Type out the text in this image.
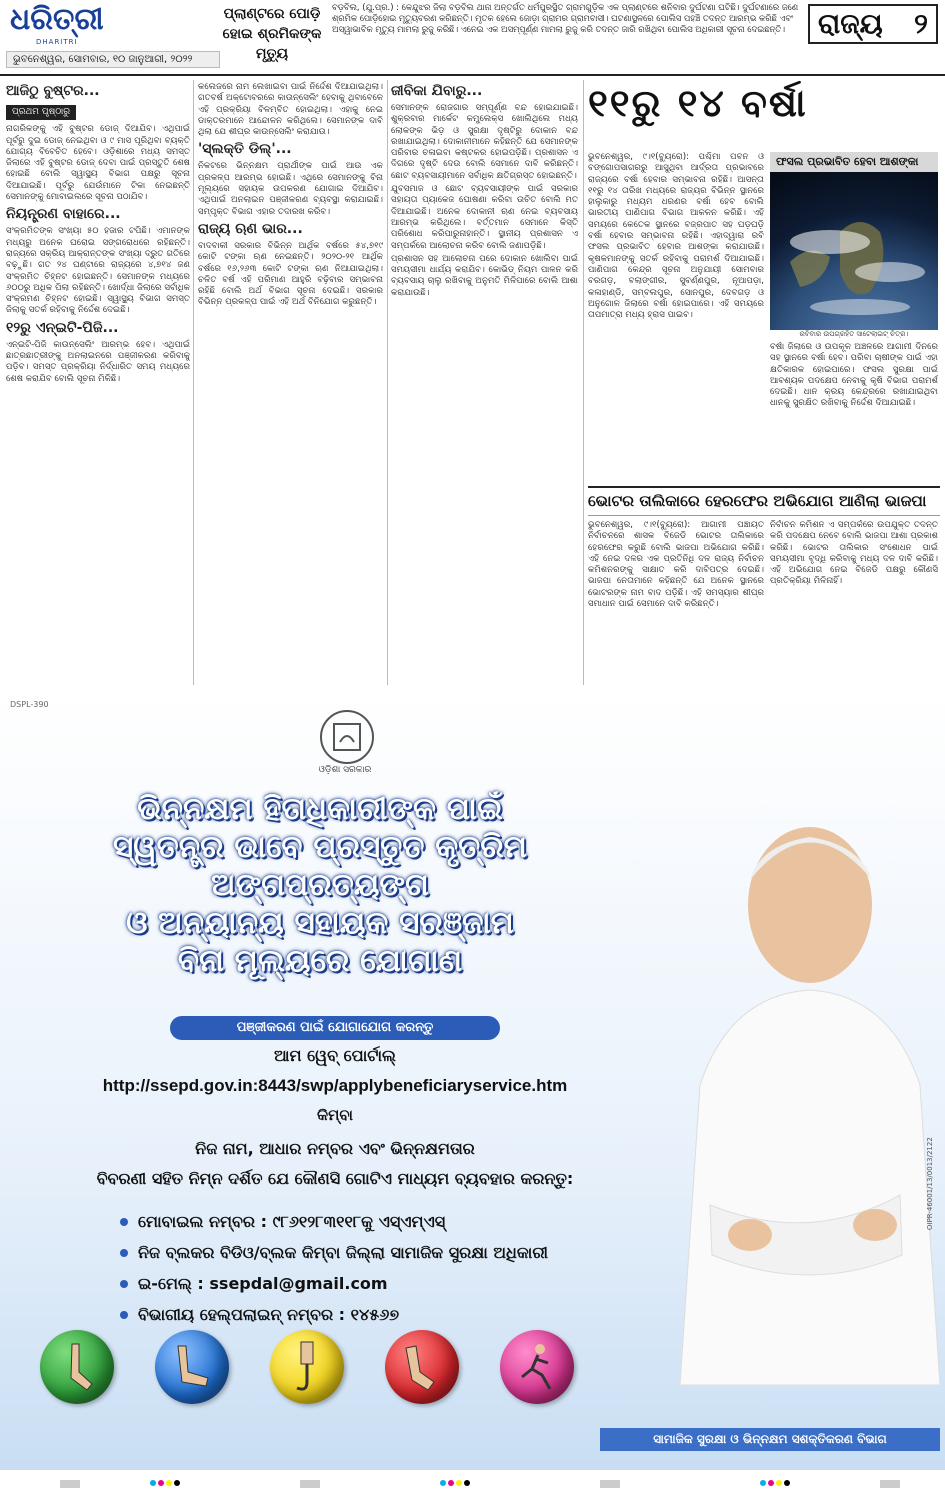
ଧରିତ୍ରୀ
DHARITRI
ଭୁବନେଶ୍ୱର, ସୋମବାର, ୧୦ ଜାନୁଆରୀ, ୨୦୨୨
ପ୍ଲାଣ୍ଟରେ ପୋଡ଼ି ହୋଇ ଶ୍ରମିକଙ୍କ ମୃତ୍ୟୁ
ବଡ଼ବିଲ, (ଯୁ.ପ୍ର.) : କେନ୍ଦୁଝର ଜିଲା ବଡ଼ବିଲ ଥାନା ଅନ୍ତର୍ଗତ ଧର୍ମପୁରସ୍ଥିତ ଗ୍ରାମଗୁଡ଼ିକ ଏକ ପ୍ଲାଣ୍ଟରେ ଶନିବାର ଦୁର୍ଘଟଣା ଘଟିଛି। ଦୁର୍ଘଟଣାରେ ଜଣେ ଶ୍ରମିକ ପୋଡ଼ିହୋଇ ମୃତ୍ୟୁବରଣ କରିଛନ୍ତି। ମୃତକ ହେଲେ ଜୋଡ଼ା ଗ୍ରାମର ଗ୍ରାମବାସୀ। ଘଟଣାସ୍ଥଳରେ ପୋଲିସ ପହଞ୍ଚି ତଦନ୍ତ ଆରମ୍ଭ କରିଛି ଏବଂ ଅସ୍ୱାଭାବିକ ମୃତ୍ୟୁ ମାମଲା ରୁଜୁ କରିଛି। ଏନେଇ ଏକ ଅସମ୍ପୂର୍ଣ୍ଣ ମାମଲା ରୁଜୁ କରି ତଦନ୍ତ ଜାରି ରଖିଥିବା ପୋଲିସ ଅଧିକାରୀ ସୂଚନା ଦେଇଛନ୍ତି।	ରାଜ୍ୟ ୨
ଆଜିଠୁ ବୁଷ୍ଟର...
ପ୍ରଥମ ପୃଷ୍ଠାରୁ

ନାଗରିକଙ୍କୁ ଏହି ବୁଷ୍ଟର ଡୋଜ୍ ଦିଆଯିବ। ଏଥିପାଇଁ ପୂର୍ବରୁ ଦୁଇ ଡୋଜ୍ ନେଇଥିବା ଓ ୯ ମାସ ପୂରିଥିବା ବ୍ୟକ୍ତି ଯୋଗ୍ୟ ବିବେଚିତ ହେବେ। ଓଡ଼ିଶାରେ ମଧ୍ୟ ସମସ୍ତ ଜିଲାରେ ଏହି ବୁଷ୍ଟର ଡୋଜ୍ ଦେବା ପାଇଁ ପ୍ରସ୍ତୁତି ଶେଷ ହୋଇଛି ବୋଲି ସ୍ୱାସ୍ଥ୍ୟ ବିଭାଗ ପକ୍ଷରୁ ସୂଚନା ଦିଆଯାଇଛି। ପୂର୍ବରୁ ଯେଉଁମାନେ ଟିକା ନେଇଛନ୍ତି ସେମାନଙ୍କୁ ମୋବାଇଲରେ ସୂଚନା ପଠାଯିବ।

ନିୟନ୍ତ୍ରଣ ବାହାରେ...

ସଂକ୍ରମିତଙ୍କ ସଂଖ୍ୟା ୫୦ ହଜାର ଟପିଛି। ଏମାନଙ୍କ ମଧ୍ୟରୁ ଅନେକ ଘରୋଇ ସଙ୍ଗରୋଧରେ ରହିଛନ୍ତି। ରାଜ୍ୟରେ ସକ୍ରିୟ ଆକ୍ରାନ୍ତଙ୍କ ସଂଖ୍ୟା ଦ୍ରୁତ ଗତିରେ ବଢ଼ୁଛି। ଗତ ୨୪ ଘଣ୍ଟାରେ ରାଜ୍ୟରେ ୪,୭୧୪ ଜଣ ସଂକ୍ରମିତ ଚିହ୍ନଟ ହୋଇଛନ୍ତି। ସେମାନଙ୍କ ମଧ୍ୟରେ ୬୦୦ରୁ ଅଧିକ ପିଲା ରହିଛନ୍ତି। ଖୋର୍ଦ୍ଧା ଜିଲାରେ ସର୍ବାଧିକ ସଂକ୍ରମଣ ଚିହ୍ନଟ ହୋଇଛି। ସ୍ୱାସ୍ଥ୍ୟ ବିଭାଗ ସମସ୍ତ ଜିଲାକୁ ସତର୍କ ରହିବାକୁ ନିର୍ଦ୍ଦେଶ ଦେଇଛି।

୧୨ରୁ ଏନ୍‌ଇଟି-ପିଜି...

ଏନ୍‌ଇଟି-ପିଜି କାଉନ୍‌ସେଲିଂ ଆରମ୍ଭ ହେବ। ଏଥିପାଇଁ ଛାତ୍ରଛାତ୍ରୀଙ୍କୁ ଅନଲାଇନରେ ପଞ୍ଜୀକରଣ କରିବାକୁ ପଡ଼ିବ। ସମସ୍ତ ପ୍ରକ୍ରିୟା ନିର୍ଦ୍ଧାରିତ ସମୟ ମଧ୍ୟରେ ଶେଷ କରାଯିବ ବୋଲି ସୂଚନା ମିଳିଛି।

କଲେଜରେ ନାମ ଲେଖାଇବା ପାଇଁ ନିର୍ଦ୍ଦେଶ ଦିଆଯାଇଥିଲା। ଗତବର୍ଷ ଅକ୍ଟୋବରରେ କାଉନ୍‌ସେଲିଂ ହେବାକୁ ଥିବାବେଳେ ଏହି ପ୍ରକ୍ରିୟା ବିଳମ୍ବିତ ହୋଇଥିଲା। ଏହାକୁ ନେଇ ଡାକ୍ତରମାନେ ଆନ୍ଦୋଳନ କରିଥିଲେ। ସେମାନଙ୍କ ଦାବି ଥିଲା ଯେ ଶୀଘ୍ର କାଉନ୍‌ସେଲିଂ କରାଯାଉ।

'ସ୍ଲକ୍ତି ଡିଲ୍'...

ନିକଟରେ ଭିନ୍ନକ୍ଷମ ପ୍ରାର୍ଥୀଙ୍କ ପାଇଁ ଆଉ ଏକ ପ୍ରକଳ୍ପ ଆରମ୍ଭ ହୋଇଛି। ଏଥିରେ ସେମାନଙ୍କୁ ବିନା ମୂଲ୍ୟରେ ସହାୟକ ଉପକରଣ ଯୋଗାଇ ଦିଆଯିବ। ଏଥିପାଇଁ ଅନଲାଇନ ପଞ୍ଜୀକରଣ ବ୍ୟବସ୍ଥା କରାଯାଇଛି। ସମ୍ପୃକ୍ତ ବିଭାଗ ଏହାର ତଦାରଖ କରିବ।

ରାଜ୍ୟ ଋଣ ଭାର...

ବାଦବାକୀ ସରକାର ବିଭିନ୍ନ ଆର୍ଥିକ ବର୍ଷରେ ୫୪,୭୧୯ କୋଟି ଟଙ୍କା ଋଣ ନେଇଛନ୍ତି। ୨୦୨୦-୨୧ ଆର୍ଥିକ ବର୍ଷରେ ୧୬,୨୬୩ କୋଟି ଟଙ୍କା ଋଣ ନିଆଯାଇଥିଲା। ଚଳିତ ବର୍ଷ ଏହି ପରିମାଣ ଆହୁରି ବଢ଼ିବାର ସମ୍ଭାବନା ରହିଛି ବୋଲି ଅର୍ଥ ବିଭାଗ ସୂଚନା ଦେଇଛି। ସରକାର ବିଭିନ୍ନ ପ୍ରକଳ୍ପ ପାଇଁ ଏହି ଅର୍ଥ ବିନିଯୋଗ କରୁଛନ୍ତି।

ଜୀବିକା ଯିବାରୁ...

ସେମାନଙ୍କ ରୋଜଗାର ସମ୍ପୂର୍ଣ୍ଣ ବନ୍ଦ ହୋଇଯାଇଛି। ଶୁକ୍ରବାର ମାର୍କେଟ କମ୍ପ୍ଲେକ୍ସ ଖୋଲିଥିଲେ ମଧ୍ୟ ଲୋକଙ୍କ ଭିଡ଼ ଓ ସୁରକ୍ଷା ଦୃଷ୍ଟିରୁ ଦୋକାନ ବନ୍ଦ ରଖାଯାଇଥିଲା। ଦୋକାନୀମାନେ କହିଛନ୍ତି ଯେ ସେମାନଙ୍କ ପରିବାର ଚଳାଇବା କଷ୍ଟକର ହୋଇପଡ଼ିଛି। ପ୍ରଶାସନ ଏ ଦିଗରେ ଦୃଷ୍ଟି ଦେଉ ବୋଲି ସେମାନେ ଦାବି କରିଛନ୍ତି। ଛୋଟ ବ୍ୟବସାୟୀମାନେ ସର୍ବାଧିକ କ୍ଷତିଗ୍ରସ୍ତ ହୋଇଛନ୍ତି।

ଯୁବସମାଜ ଓ ଛୋଟ ବ୍ୟବସାୟୀଙ୍କ ପାଇଁ ସରକାର ସହାୟତା ପ୍ୟାକେଜ ଘୋଷଣା କରିବା ଉଚିତ ବୋଲି ମତ ଦିଆଯାଇଛି। ଅନେକ ଦୋକାନୀ ଋଣ ନେଇ ବ୍ୟବସାୟ ଆରମ୍ଭ କରିଥିଲେ। ବର୍ତ୍ତମାନ ସେମାନେ କିସ୍ତି ପରିଶୋଧ କରିପାରୁନାହାନ୍ତି। ସ୍ଥାନୀୟ ପ୍ରଶାସନ ଏ ସମ୍ପର୍କରେ ଆଲୋଚନା କରିବ ବୋଲି ଜଣାପଡ଼ିଛି।

ପ୍ରଶାସନ ସହ ଆଲୋଚନା ପରେ ଦୋକାନ ଖୋଲିବା ପାଇଁ ସମୟସୀମା ଧାର୍ଯ୍ୟ କରାଯିବ। କୋଭିଡ୍ ନିୟମ ପାଳନ କରି ବ୍ୟବସାୟ ଚାଲୁ ରଖିବାକୁ ଅନୁମତି ମିଳିପାରେ ବୋଲି ଆଶା କରାଯାଉଛି।

୧୧ରୁ ୧୪ ବର୍ଷା
ଭୁବନେଶ୍ୱର, ୯।୧(ବ୍ୟୁରୋ): ପଶ୍ଚିମା ପବନ ଓ ବଙ୍ଗୋପସାଗରରୁ ଆସୁଥିବା ଆର୍ଦ୍ରତା ପ୍ରଭାବରେ ରାଜ୍ୟରେ ବର୍ଷା ହେବାର ସମ୍ଭାବନା ରହିଛି। ଆସନ୍ତା ୧୧ରୁ ୧୪ ତାରିଖ ମଧ୍ୟରେ ରାଜ୍ୟର ବିଭିନ୍ନ ସ୍ଥାନରେ ହାଲୁକାରୁ ମଧ୍ୟମ ଧରଣର ବର୍ଷା ହେବ ବୋଲି ଭାରତୀୟ ପାଣିପାଗ ବିଭାଗ ଆକଳନ କରିଛି। ଏହି ସମୟରେ କେତେକ ସ୍ଥାନରେ ବଜ୍ରପାତ ସହ ଘଡ଼ଘଡ଼ି ବର୍ଷା ହେବାର ସମ୍ଭାବନା ରହିଛି। ଏହାଦ୍ୱାରା ରବି ଫସଲ ପ୍ରଭାବିତ ହେବାର ଆଶଙ୍କା କରାଯାଉଛି। କୃଷକମାନଙ୍କୁ ସତର୍କ ରହିବାକୁ ପରାମର୍ଶ ଦିଆଯାଇଛି। ପାଣିପାଗ କେନ୍ଦ୍ର ସୂଚନା ଅନୁଯାୟୀ ସୋମବାର ବରଗଡ଼, ବଲାଙ୍ଗୀର, ସୁବର୍ଣ୍ଣପୁର, ନୂଆପଡ଼ା, କଳାହାଣ୍ଡି, ସମ୍ବଲପୁର, ସୋନପୁର, ଦେବଗଡ଼ ଓ ଅନୁଗୋଳ ଜିଲାରେ ବର୍ଷା ହୋଇପାରେ। ଏହି ସମୟରେ ତାପମାତ୍ରା ମଧ୍ୟ ହ୍ରାସ ପାଇବ।
ଫସଲ ପ୍ରଭାବିତ ହେବା ଆଶଙ୍କା
ରବିବାର ଉପଗ୍ରହିତ ସାଟେଲାଇଟ୍ ଚିତ୍ର।
ବର୍ଷା ଜିଲାରେ ଓ ଉପକୂଳ ଅଞ୍ଚଳରେ ଆଗାମୀ ଦିନରେ ସହ ସ୍ଥାନରେ ବର୍ଷା ହେବ। ପରିବା ଚାଷୀଙ୍କ ପାଇଁ ଏହା କ୍ଷତିକାରକ ହୋଇପାରେ। ଫସଲ ସୁରକ୍ଷା ପାଇଁ ଆବଶ୍ୟକ ପଦକ୍ଷେପ ନେବାକୁ କୃଷି ବିଭାଗ ପରାମର୍ଶ ଦେଇଛି। ଧାନ କ୍ରୟ କେନ୍ଦ୍ରରେ ରଖାଯାଇଥିବା ଧାନକୁ ସୁରକ୍ଷିତ ରଖିବାକୁ ନିର୍ଦ୍ଦେଶ ଦିଆଯାଇଛି।
ଭୋଟର ତାଲିକାରେ ହେରଫେର ଅଭିଯୋଗ ଆଣିଲା ଭାଜପା
ଭୁବନେଶ୍ୱର, ୯।୧(ବ୍ୟୁରୋ): ଆଗାମୀ ପଞ୍ଚାୟତ ନିର୍ବାଚନରେ ଶାସକ ବିଜେଡି ଭୋଟର ତାଲିକାରେ ହେରଫେର କରୁଛି ବୋଲି ଭାଜପା ଅଭିଯୋଗ କରିଛି। ଏହି ନେଇ ଦଳର ଏକ ପ୍ରତିନିଧି ଦଳ ରାଜ୍ୟ ନିର୍ବାଚନ କମିଶନରଙ୍କୁ ସାକ୍ଷାତ କରି ଦାବିପତ୍ର ଦେଇଛି। ଭାଜପା ନେତାମାନେ କହିଛନ୍ତି ଯେ ଅନେକ ସ୍ଥାନରେ ଭୋଟରଙ୍କ ନାମ ବାଦ ପଡ଼ିଛି। ଏହି ସମସ୍ୟାର ଶୀଘ୍ର ସମାଧାନ ପାଇଁ ସେମାନେ ଦାବି କରିଛନ୍ତି।
ନିର୍ବାଚନ କମିଶନ ଏ ସମ୍ପର୍କରେ ଉପଯୁକ୍ତ ତଦନ୍ତ କରି ପଦକ୍ଷେପ ନେବେ ବୋଲି ଭାଜପା ଆଶା ପ୍ରକାଶ କରିଛି। ଭୋଟର ତାଲିକାର ସଂଶୋଧନ ପାଇଁ ସମୟସୀମା ବୃଦ୍ଧି କରିବାକୁ ମଧ୍ୟ ଦଳ ଦାବି କରିଛି। ଏହି ଅଭିଯୋଗ ନେଇ ବିଜେଡି ପକ୍ଷରୁ କୌଣସି ପ୍ରତିକ୍ରିୟା ମିଳିନାହିଁ।
DSPL-390
ଓଡ଼ିଶା ସରକାର
ଭିନ୍ନକ୍ଷମ ହିତାଧିକାରୀଙ୍କ ପାଇଁ
ସ୍ୱତନ୍ତ୍ର ଭାବେ ପ୍ରସ୍ତୁତ କୃତ୍ରିମ ଅଙ୍ଗପ୍ରତ୍ୟଙ୍ଗ
ଓ ଅନ୍ୟାନ୍ୟ ସହାୟକ ସରଞ୍ଜାମ
ବିନା ମୂଲ୍ୟରେ ଯୋଗାଣ
ପଞ୍ଜୀକରଣ ପାଇଁ ଯୋଗାଯୋଗ କରନ୍ତୁ
ଆମ ୱେବ୍ ପୋର୍ଟାଲ୍
http://ssepd.gov.in:8443/swp/applybeneficiaryservice.htm
କିମ୍ବା
ନିଜ ନାମ, ଆଧାର ନମ୍ବର ଏବଂ ଭିନ୍ନକ୍ଷମତାର
ବିବରଣୀ ସହିତ ନିମ୍ନ ଦର୍ଶିତ ଯେ କୌଣସି ଗୋଟିଏ ମାଧ୍ୟମ ବ୍ୟବହାର କରନ୍ତୁ:
ମୋବାଇଲ ନମ୍ବର : ୯୮୬୧୨୮୩୧୧୮କୁ ଏସ୍ଏମ୍ଏସ୍
ନିଜ ବ୍ଲକର ବିଡିଓ/ବ୍ଲକ କିମ୍ବା ଜିଲ୍ଲା ସାମାଜିକ ସୁରକ୍ଷା ଅଧିକାରୀ
ଇ-ମେଲ୍ : ssepdal@gmail.com
ବିଭାଗୀୟ ହେଲ୍‌ପଲାଇନ୍ ନମ୍ବର : ୧୪୫୬୭
ସାମାଜିକ ସୁରକ୍ଷା ଓ ଭିନ୍ନକ୍ଷମ ସଶକ୍ତିକରଣ ବିଭାଗ
OIPR-46001/13/0013/2122
